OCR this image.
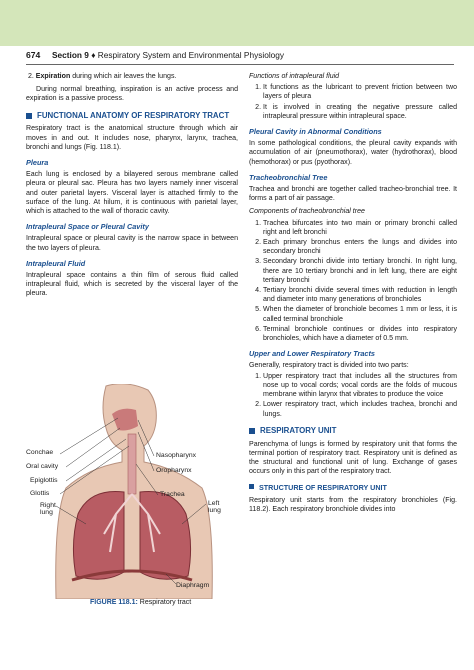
674 Section 9 ♦ Respiratory System and Environmental Physiology

2. Expiration during which air leaves the lungs.

During normal breathing, inspiration is an active process and expiration is a passive process.

FUNCTIONAL ANATOMY OF RESPIRATORY TRACT

Respiratory tract is the anatomical structure through which air moves in and out. It includes nose, pharynx, larynx, trachea, bronchi and lungs (Fig. 118.1).

Pleura

Each lung is enclosed by a bilayered serous membrane called pleura or pleural sac. Pleura has two layers namely inner visceral and outer parietal layers. Visceral layer is attached firmly to the surface of the lung. At hilum, it is continuous with parietal layer, which is attached to the wall of thoracic cavity.

Intrapleural Space or Pleural Cavity

Intrapleural space or pleural cavity is the narrow space in between the two layers of pleura.

Intrapleural Fluid

Intrapleural space contains a thin film of serous fluid called intrapleural fluid, which is secreted by the visceral layer of the pleura.

Conchae
Oral cavity
Epiglottis
Glottis
Right
lung
Nasopharynx
Oropharynx
Trachea
Left
lung
Diaphragm
FIGURE 118.1: Respiratory tract
Functions of intrapleural fluid
1. It functions as the lubricant to prevent friction between two layers of pleura
2. It is involved in creating the negative pressure called intrapleural pressure within intrapleural space.
Pleural Cavity in Abnormal Conditions

In some pathological conditions, the pleural cavity expands with accumulation of air (pneumothorax), water (hydrothorax), blood (hemothorax) or pus (pyothorax).

Tracheobronchial Tree

Trachea and bronchi are together called tracheo-bronchial tree. It forms a part of air passage.

Components of tracheobronchial tree
1. Trachea bifurcates into two main or primary bronchi called right and left bronchi
2. Each primary bronchus enters the lungs and divides into secondary bronchi
3. Secondary bronchi divide into tertiary bronchi. In right lung, there are 10 tertiary bronchi and in left lung, there are eight tertiary bronchi
4. Tertiary bronchi divide several times with reduction in length and diameter into many generations of bronchioles
5. When the diameter of bronchiole becomes 1 mm or less, it is called terminal bronchiole
6. Terminal bronchiole continues or divides into respiratory bronchioles, which have a diameter of 0.5 mm.
Upper and Lower Respiratory Tracts

Generally, respiratory tract is divided into two parts:

1. Upper respiratory tract that includes all the structures from nose up to vocal cords; vocal cords are the folds of mucous membrane within larynx that vibrates to produce the voice
2. Lower respiratory tract, which includes trachea, bronchi and lungs.
RESPIRATORY UNIT

Parenchyma of lungs is formed by respiratory unit that forms the terminal portion of respiratory tract. Respiratory unit is defined as the structural and functional unit of lung. Exchange of gases occurs only in this part of the respiratory tract.

STRUCTURE OF RESPIRATORY UNIT

Respiratory unit starts from the respiratory bronchioles (Fig. 118.2). Each respiratory bronchiole divides into
